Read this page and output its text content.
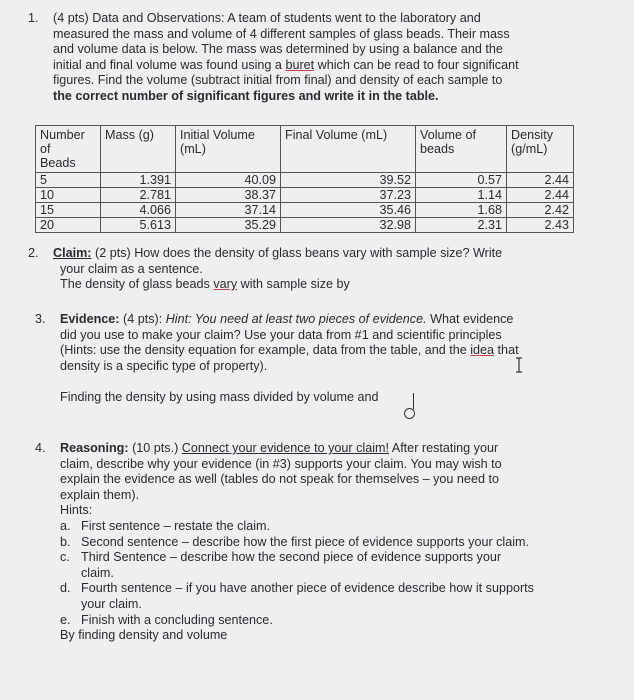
1. (4 pts) Data and Observations: A team of students went to the laboratory and
measured the mass and volume of 4 different samples of glass beads. Their mass
and volume data is below. The mass was determined by using a balance and the
initial and final volume was found using a buret which can be read to four significant
figures. Find the volume (subtract initial from final) and density of each sample to
the correct number of significant figures and write it in the table.
Number
of
Beads	Mass (g)	Initial Volume
(mL)	Final Volume (mL)	Volume of
beads	Density
(g/mL)
5	1.391	40.09	39.52	0.57	2.44
10	2.781	38.37	37.23	1.14	2.44
15	4.066	37.14	35.46	1.68	2.42
20	5.613	35.29	32.98	2.31	2.43
2. Claim: (2 pts) How does the density of glass beans vary with sample size? Write
your claim as a sentence.
The density of glass beads vary with sample size by
3. Evidence: (4 pts): Hint: You need at least two pieces of evidence. What evidence
did you use to make your claim? Use your data from #1 and scientific principles
(Hints: use the density equation for example, data from the table, and the idea that
density is a specific type of property).
Finding the density by using mass divided by volume and
4. Reasoning: (10 pts.) Connect your evidence to your claim! After restating your
claim, describe why your evidence (in #3) supports your claim. You may wish to
explain the evidence as well (tables do not speak for themselves – you need to
explain them).
Hints:
a. First sentence – restate the claim.
b. Second sentence – describe how the first piece of evidence supports your claim.
c. Third Sentence – describe how the second piece of evidence supports your
claim.
d. Fourth sentence – if you have another piece of evidence describe how it supports
your claim.
e. Finish with a concluding sentence.
By finding density and volume
